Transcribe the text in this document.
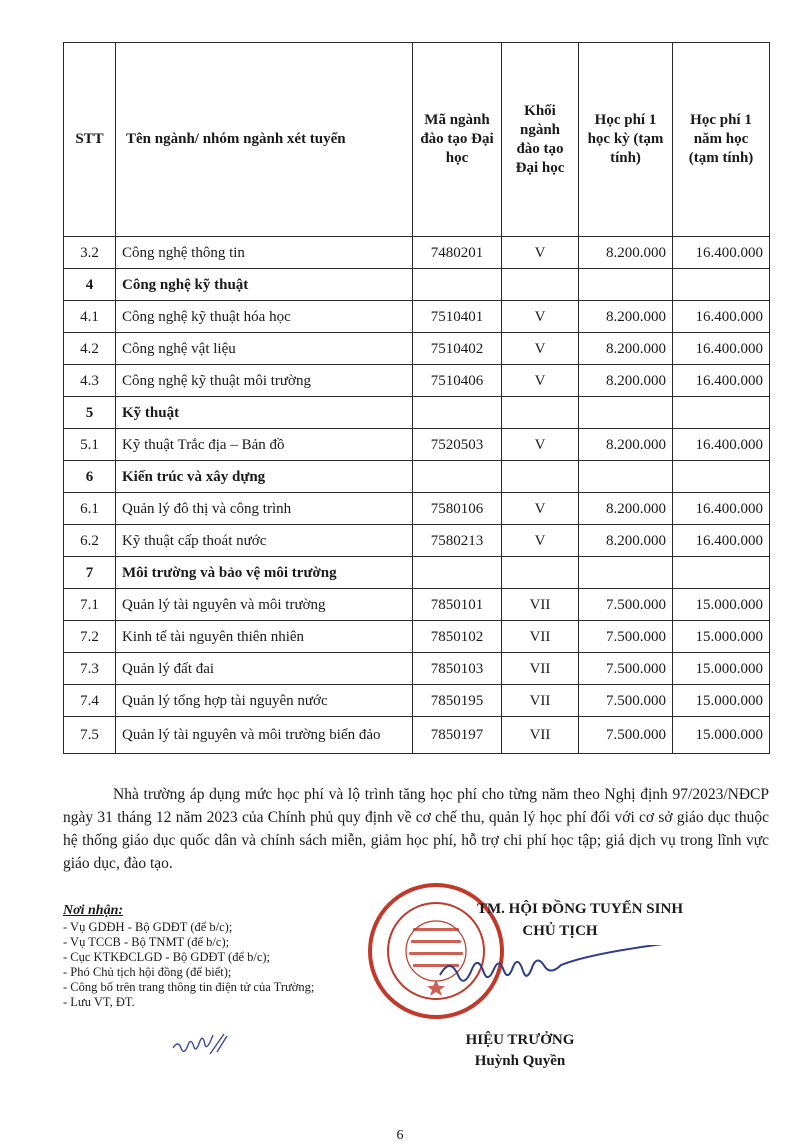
STT	Tên ngành/ nhóm ngành xét tuyển	Mã ngành đào tạo Đại học	Khối ngành đào tạo Đại học	Học phí 1 học kỳ (tạm tính)	Học phí 1 năm học (tạm tính)
3.2	Công nghệ thông tin	7480201	V	8.200.000	16.400.000
4	Công nghệ kỹ thuật				
4.1	Công nghệ kỹ thuật hóa học	7510401	V	8.200.000	16.400.000
4.2	Công nghệ vật liệu	7510402	V	8.200.000	16.400.000
4.3	Công nghệ kỹ thuật môi trường	7510406	V	8.200.000	16.400.000
5	Kỹ thuật				
5.1	Kỹ thuật Trắc địa – Bản đồ	7520503	V	8.200.000	16.400.000
6	Kiến trúc và xây dựng				
6.1	Quản lý đô thị và công trình	7580106	V	8.200.000	16.400.000
6.2	Kỹ thuật cấp thoát nước	7580213	V	8.200.000	16.400.000
7	Môi trường và bảo vệ môi trường				
7.1	Quản lý tài nguyên và môi trường	7850101	VII	7.500.000	15.000.000
7.2	Kinh tế tài nguyên thiên nhiên	7850102	VII	7.500.000	15.000.000
7.3	Quản lý đất đai	7850103	VII	7.500.000	15.000.000
7.4	Quản lý tổng hợp tài nguyên nước	7850195	VII	7.500.000	15.000.000
7.5	Quản lý tài nguyên và môi trường biển đảo	7850197	VII	7.500.000	15.000.000

Nhà trường áp dụng mức học phí và lộ trình tăng học phí cho từng năm theo Nghị định 97/2023/NĐCP ngày 31 tháng 12 năm 2023 của Chính phủ quy định về cơ chế thu, quản lý học phí đối với cơ sở giáo dục thuộc hệ thống giáo dục quốc dân và chính sách miễn, giảm học phí, hỗ trợ chi phí học tập; giá dịch vụ trong lĩnh vực giáo dục, đào tạo.

Nơi nhận:
- Vụ GDĐH - Bộ GDĐT (để b/c);
- Vụ TCCB - Bộ TNMT (để b/c);
- Cục KTKĐCLGD - Bộ GDĐT (để b/c);
- Phó Chủ tịch hội đồng (để biết);
- Công bố trên trang thông tin điện tử của Trường;
- Lưu VT, ĐT.
TM. HỘI ĐỒNG TUYỂN SINH
CHỦ TỊCH
HIỆU TRƯỞNG
Huỳnh Quyền
6
